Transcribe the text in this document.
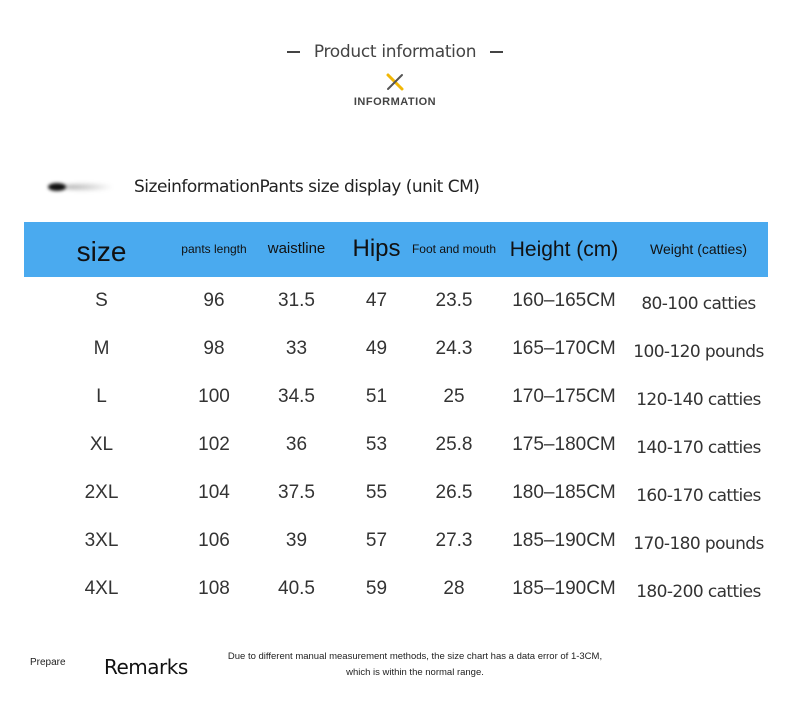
Product information
INFORMATION
SizeinformationPants size display (unit CM)
size	pants length	waistline	Hips	Foot and mouth	Height (cm)	Weight (catties)
S	96	31.5	47	23.5	160–165CM	80-100 catties
M	98	33	49	24.3	165–170CM	100-120 pounds
L	100	34.5	51	25	170–175CM	120-140 catties
XL	102	36	53	25.8	175–180CM	140-170 catties
2XL	104	37.5	55	26.5	180–185CM	160-170 catties
3XL	106	39	57	27.3	185–190CM	170-180 pounds
4XL	108	40.5	59	28	185–190CM	180-200 catties
Prepare Remarks	Due to different manual measurement methods, the size chart has a data error of 1-3CM, which is within the normal range.
